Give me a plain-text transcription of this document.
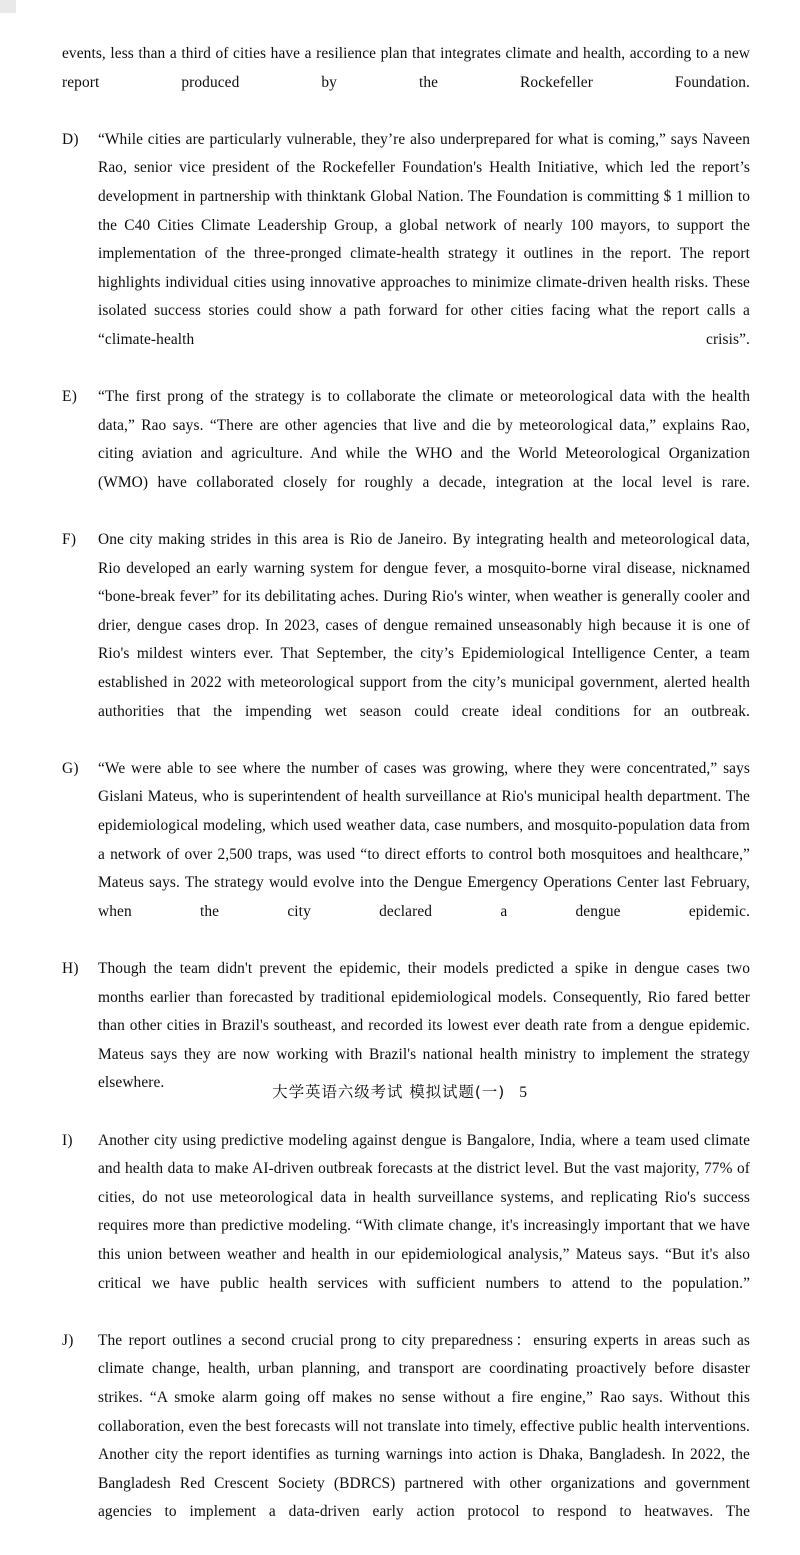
events, less than a third of cities have a resilience plan that integrates climate and health, according to a new report produced by the Rockefeller Foundation.

D)	“While cities are particularly vulnerable, they’re also underprepared for what is coming,” says Naveen Rao, senior vice president of the Rockefeller Foundation's Health Initiative, which led the report’s development in partnership with thinktank Global Nation. The Foundation is committing $ 1 million to the C40 Cities Climate Leadership Group, a global network of nearly 100 mayors, to support the implementation of the three-pronged climate-health strategy it outlines in the report. The report highlights individual cities using innovative approaches to minimize climate-driven health risks. These isolated success stories could show a path forward for other cities facing what the report calls a “climate-health crisis”.
E)	“The first prong of the strategy is to collaborate the climate or meteorological data with the health data,” Rao says. “There are other agencies that live and die by meteorological data,” explains Rao, citing aviation and agriculture. And while the WHO and the World Meteorological Organization (WMO) have collaborated closely for roughly a decade, integration at the local level is rare.
F)	One city making strides in this area is Rio de Janeiro. By integrating health and meteorological data, Rio developed an early warning system for dengue fever, a mosquito-borne viral disease, nicknamed “bone-break fever” for its debilitating aches. During Rio's winter, when weather is generally cooler and drier, dengue cases drop. In 2023, cases of dengue remained unseasonably high because it is one of Rio's mildest winters ever. That September, the city’s Epidemiological Intelligence Center, a team established in 2022 with meteorological support from the city’s municipal government, alerted health authorities that the impending wet season could create ideal conditions for an outbreak.
G)	“We were able to see where the number of cases was growing, where they were concentrated,” says Gislani Mateus, who is superintendent of health surveillance at Rio's municipal health department. The epidemiological modeling, which used weather data, case numbers, and mosquito-population data from a network of over 2,500 traps, was used “to direct efforts to control both mosquitoes and healthcare,” Mateus says. The strategy would evolve into the Dengue Emergency Operations Center last February, when the city declared a dengue epidemic.
H)	Though the team didn't prevent the epidemic, their models predicted a spike in dengue cases two months earlier than forecasted by traditional epidemiological models. Consequently, Rio fared better than other cities in Brazil's southeast, and recorded its lowest ever death rate from a dengue epidemic. Mateus says they are now working with Brazil's national health ministry to implement the strategy elsewhere.
I)	Another city using predictive modeling against dengue is Bangalore, India, where a team used climate and health data to make AI-driven outbreak forecasts at the district level. But the vast majority, 77% of cities, do not use meteorological data in health surveillance systems, and replicating Rio's success requires more than predictive modeling. “With climate change, it's increasingly important that we have this union between weather and health in our epidemiological analysis,” Mateus says. “But it's also critical we have public health services with sufficient numbers to attend to the population.”
J)	The report outlines a second crucial prong to city preparedness：ensuring experts in areas such as climate change, health, urban planning, and transport are coordinating proactively before disaster strikes. “A smoke alarm going off makes no sense without a fire engine,” Rao says. Without this collaboration, even the best forecasts will not translate into timely, effective public health interventions. Another city the report identifies as turning warnings into action is Dhaka, Bangladesh. In 2022, the Bangladesh Red Crescent Society (BDRCS) partnered with other organizations and government agencies to implement a data-driven early action protocol to respond to heatwaves. The
大学英语六级考试 模拟试题(一) 5
